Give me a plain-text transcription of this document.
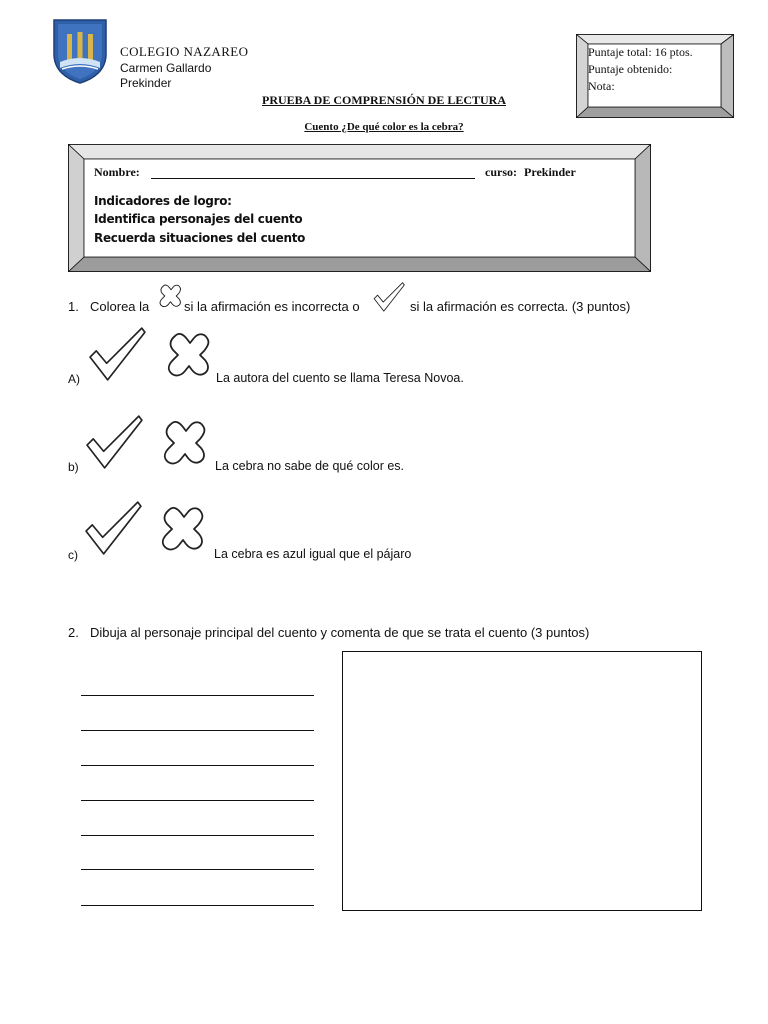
COLEGIO NAZAREO
Carmen Gallardo
Prekinder
Puntaje total: 16 ptos.
Puntaje obtenido:
Nota:
PRUEBA DE COMPRENSIÓN DE LECTURA
Cuento ¿De qué color es la cebra?
Nombre:	curso: Prekinder
Indicadores de logro:
Identifica personajes del cuento
Recuerda situaciones del cuento
1. Colorea la	si la afirmación es incorrecta o	si la afirmación es correcta. (3 puntos)
A)	La autora del cuento se llama Teresa Novoa.
b)	La cebra no sabe de qué color es.
c)	La cebra es azul igual que el pájaro
2. Dibuja al personaje principal del cuento y comenta de que se trata el cuento (3 puntos)
